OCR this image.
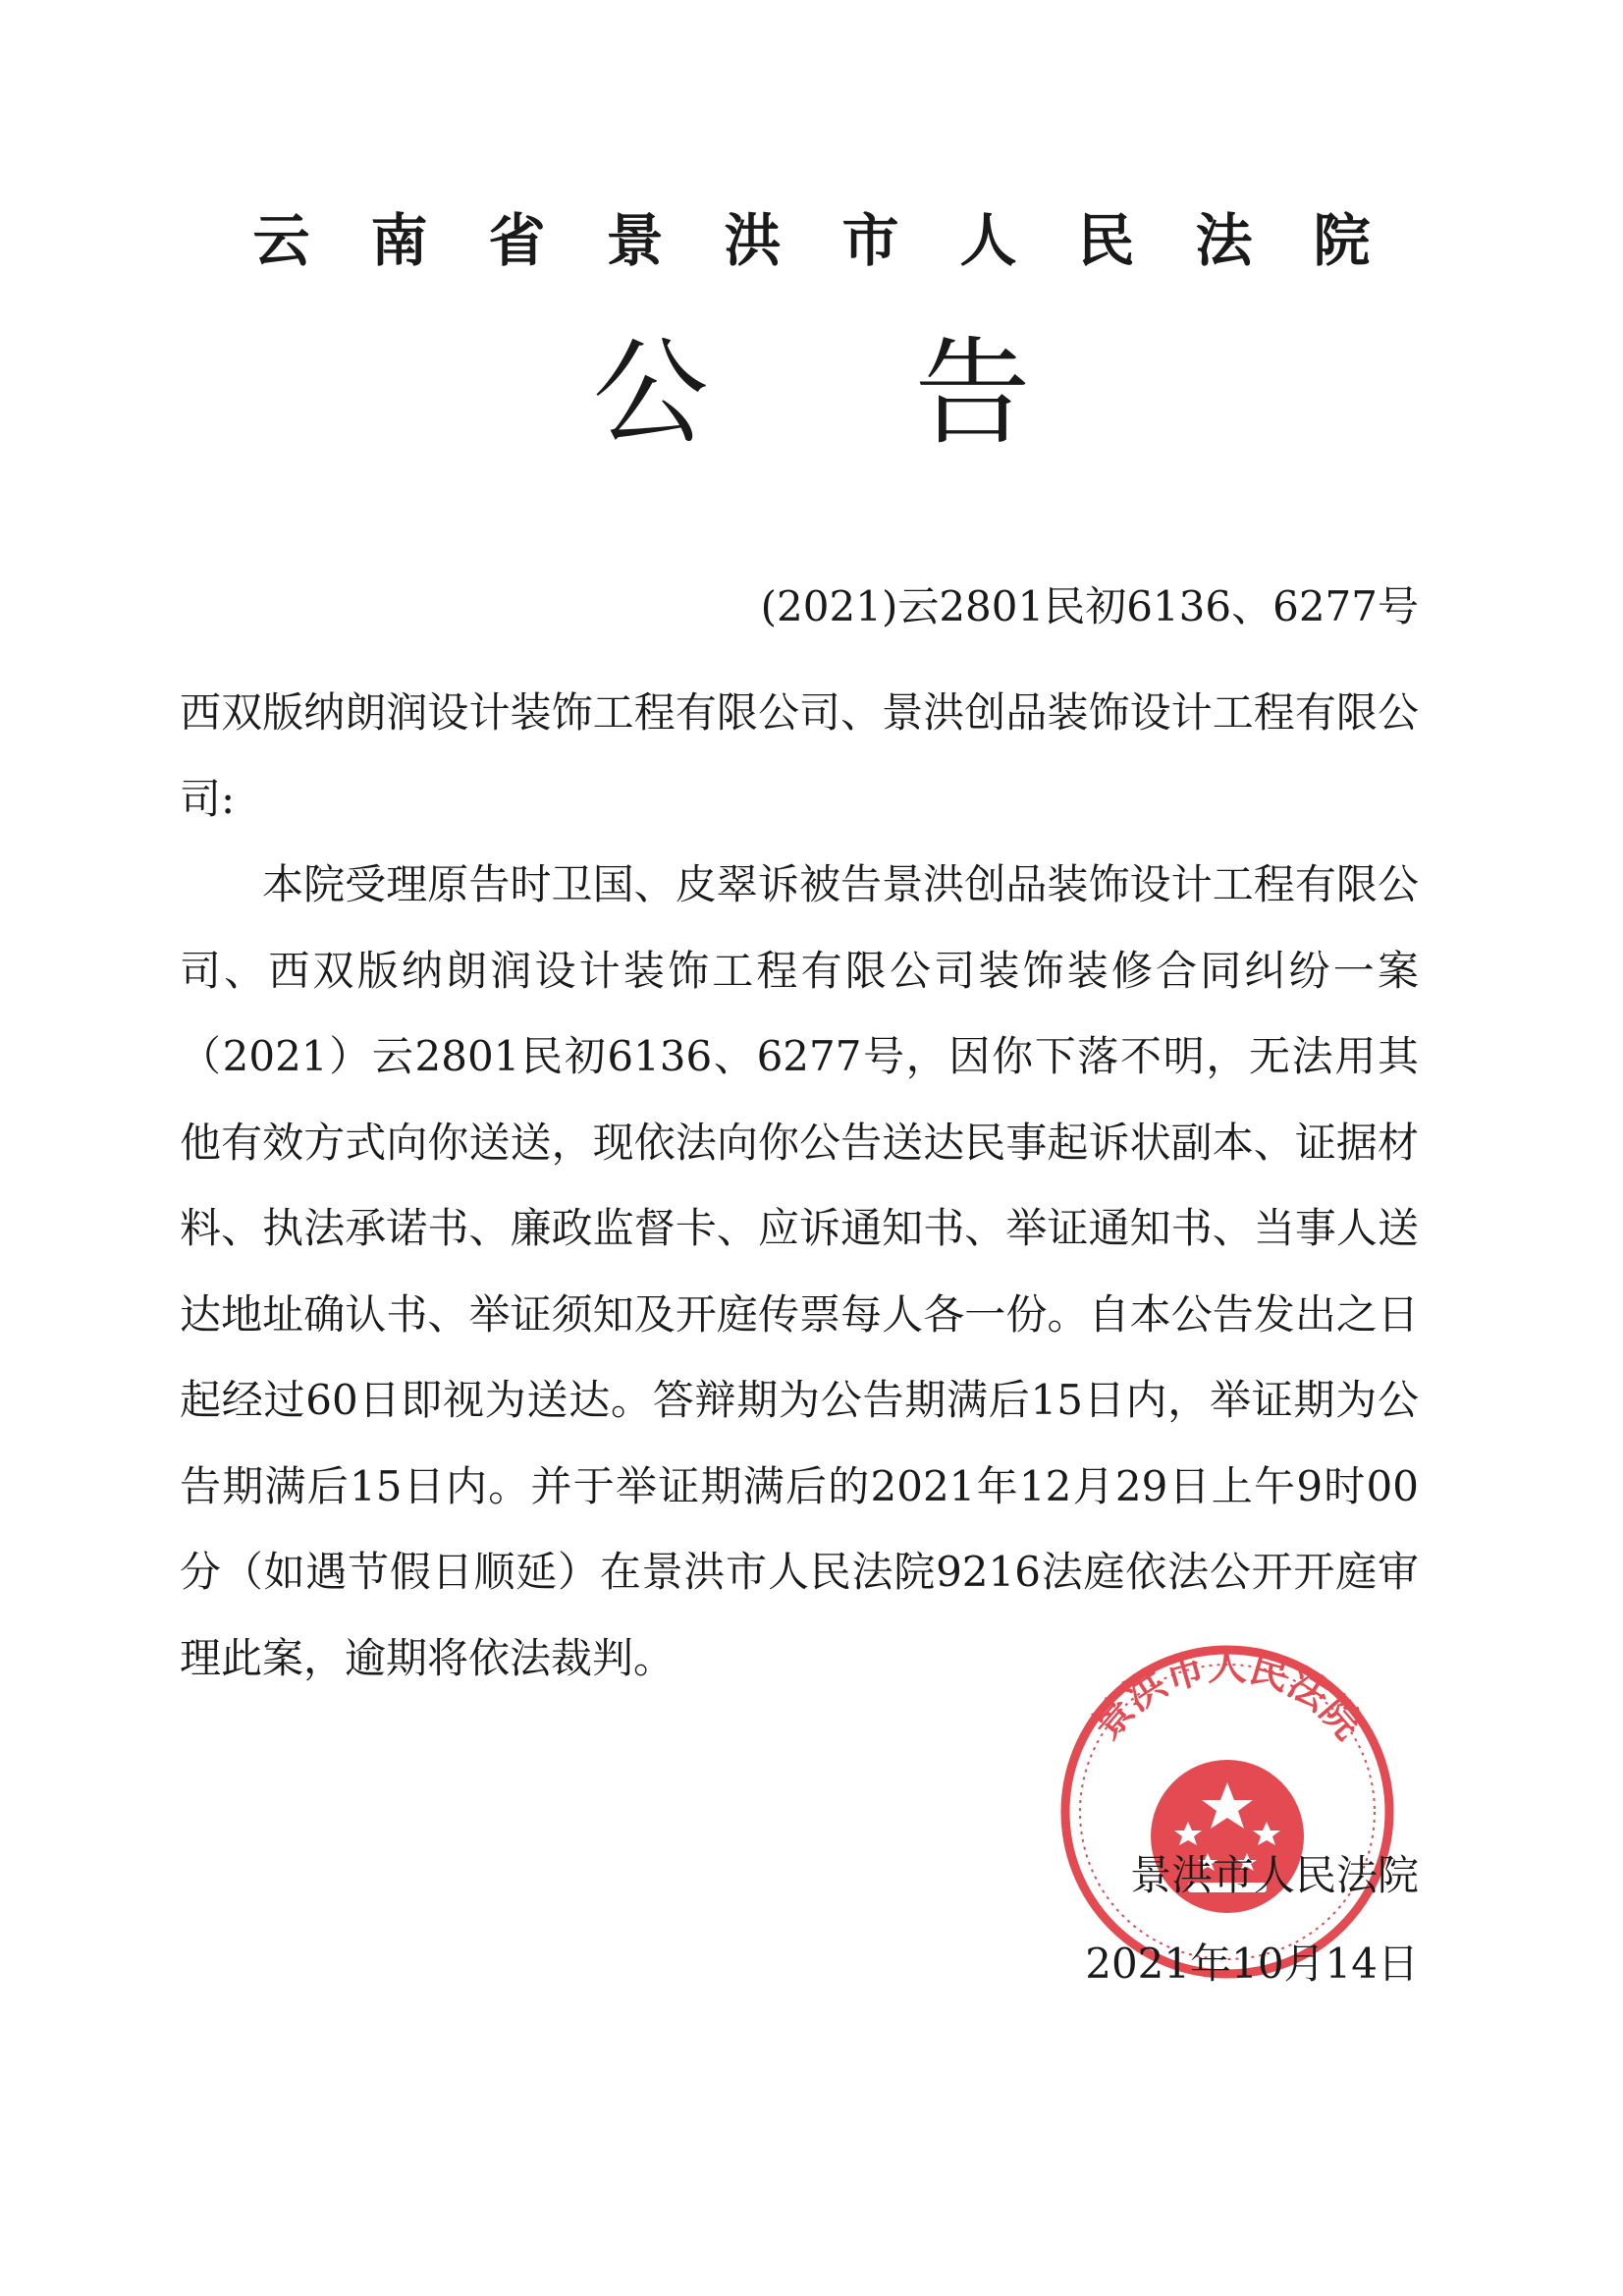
云南省景洪市人民法院
公告
(2021)云2801民初6136、6277号

西双版纳朗润设计装饰工程有限公司、景洪创品装饰设计工程有限公司:

本院受理原告时卫国、皮翠诉被告景洪创品装饰设计工程有限公司、西双版纳朗润设计装饰工程有限公司装饰装修合同纠纷一案（2021）云2801民初6136、6277号，因你下落不明，无法用其他有效方式向你送送，现依法向你公告送达民事起诉状副本、证据材料、执法承诺书、廉政监督卡、应诉通知书、举证通知书、当事人送达地址确认书、举证须知及开庭传票每人各一份。自本公告发出之日起经过60日即视为送达。答辩期为公告期满后15日内，举证期为公告期满后15日内。并于举证期满后的2021年12月29日上午9时00分（如遇节假日顺延）在景洪市人民法院9216法庭依法公开开庭审理此案，逾期将依法裁判。

景洪市人民法院
景洪市人民法院
2021年10月14日
